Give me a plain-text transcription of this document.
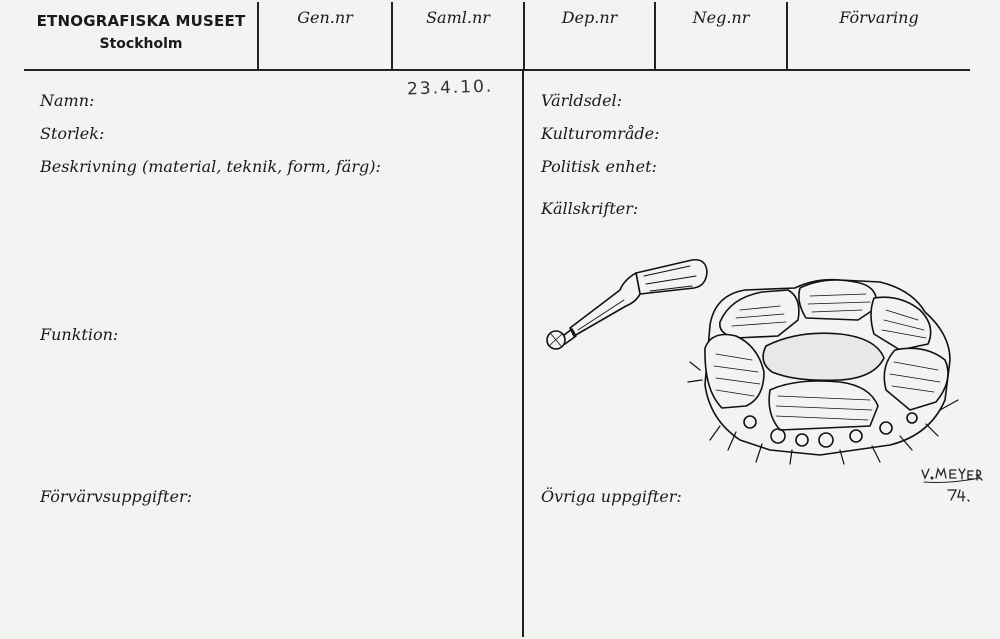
ETNOGRAFISKA MUSEET
Stockholm
Gen.nr	Saml.nr	Dep.nr	Neg.nr	Förvaring
Namn:
Storlek:
Beskrivning (material, teknik, form, färg):
Funktion:
Förvärvsuppgifter:
23.4.10.
Världsdel:
Kulturområde:
Politisk enhet:
Källskrifter:
Övriga uppgifter:
